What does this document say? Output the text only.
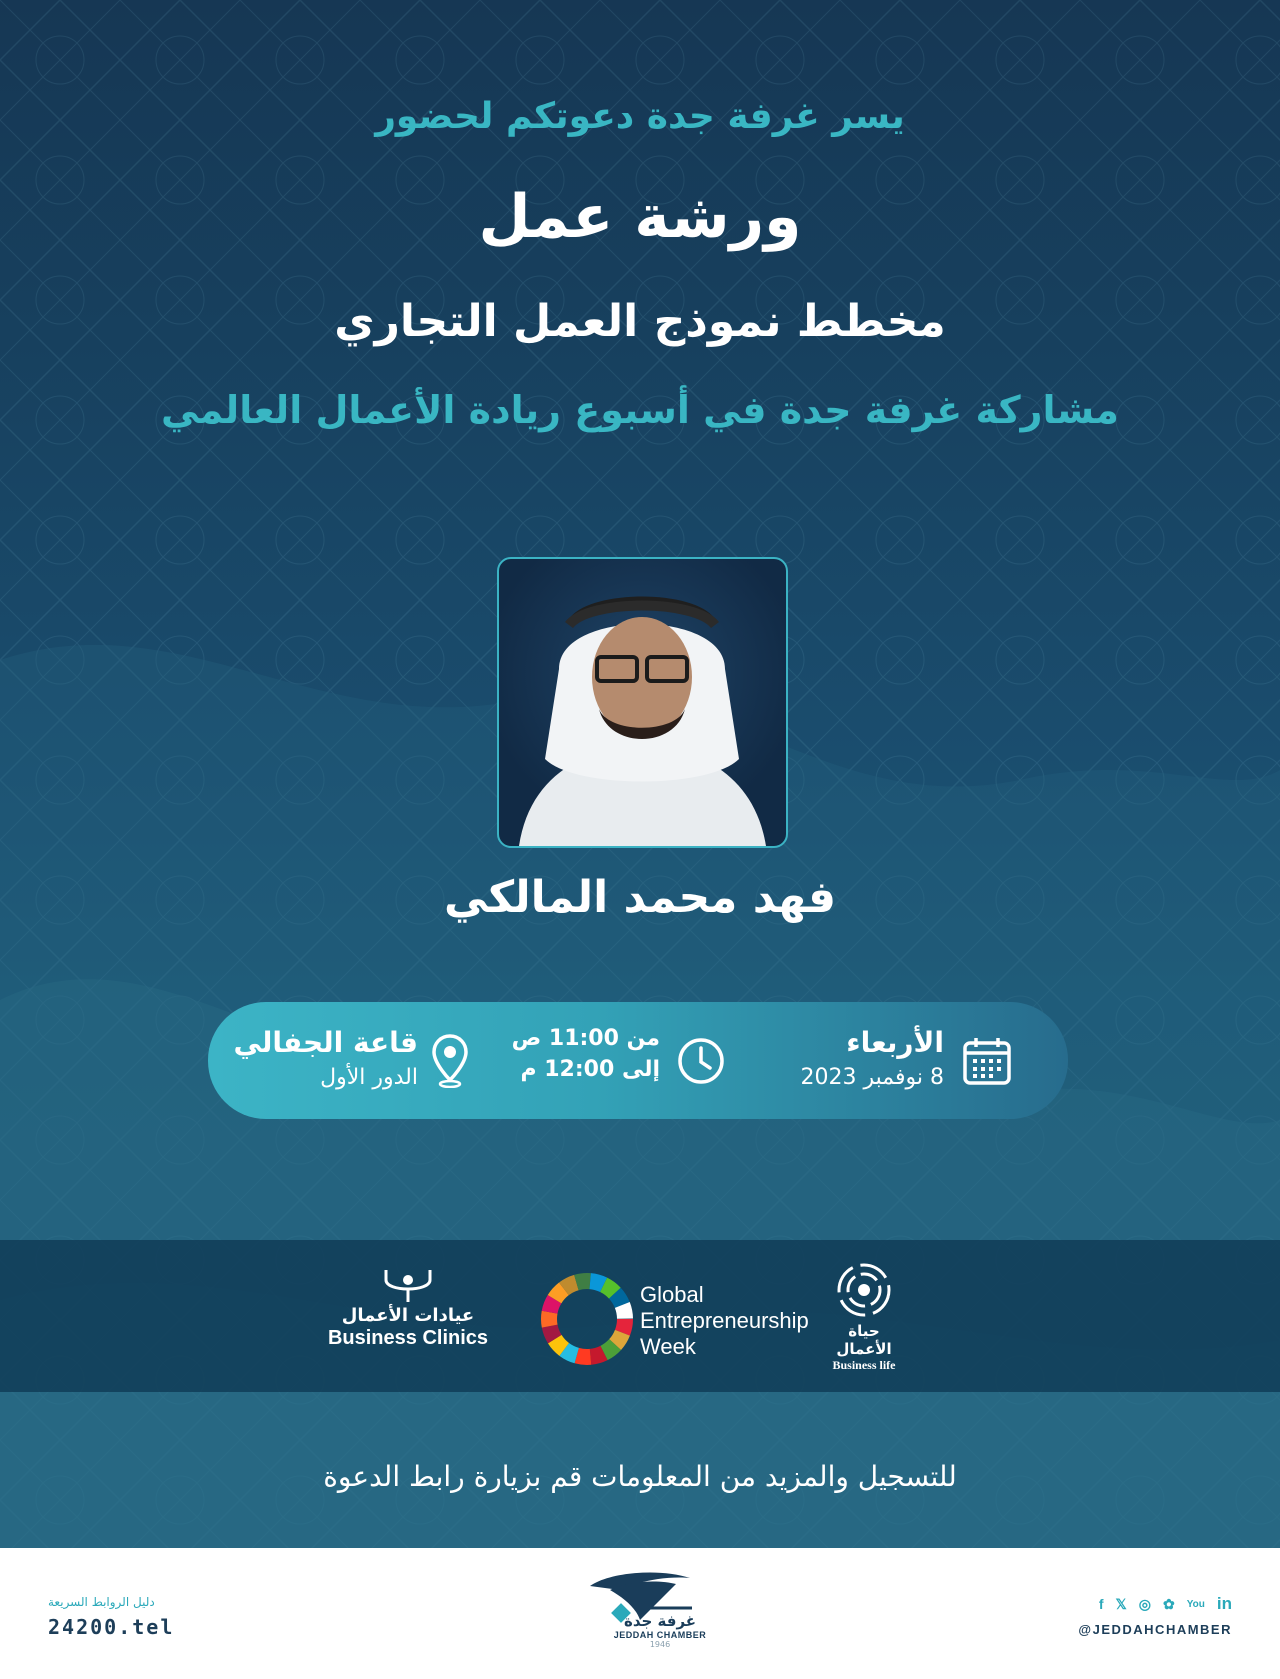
يسر غرفة جدة دعوتكم لحضور
ورشة عمل
مخطط نموذج العمل التجاري
مشاركة غرفة جدة في أسبوع ريادة الأعمال العالمي
فهد محمد المالكي
الأربعاء
8 نوفمبر 2023
من 11:00 ص
إلى 12:00 م
قاعة الجفالي
الدور الأول
حياة الأعمال
Business life
Global
Entrepreneurship
Week
عيادات الأعمال
Business Clinics
للتسجيل والمزيد من المعلومات قم بزيارة رابط الدعوة
دليل الروابط السريعة
24200.tel	غرفة جدة
JEDDAH CHAMBER
1946
f 𝕏 ◎ ✿ You in
@JEDDAHCHAMBER
